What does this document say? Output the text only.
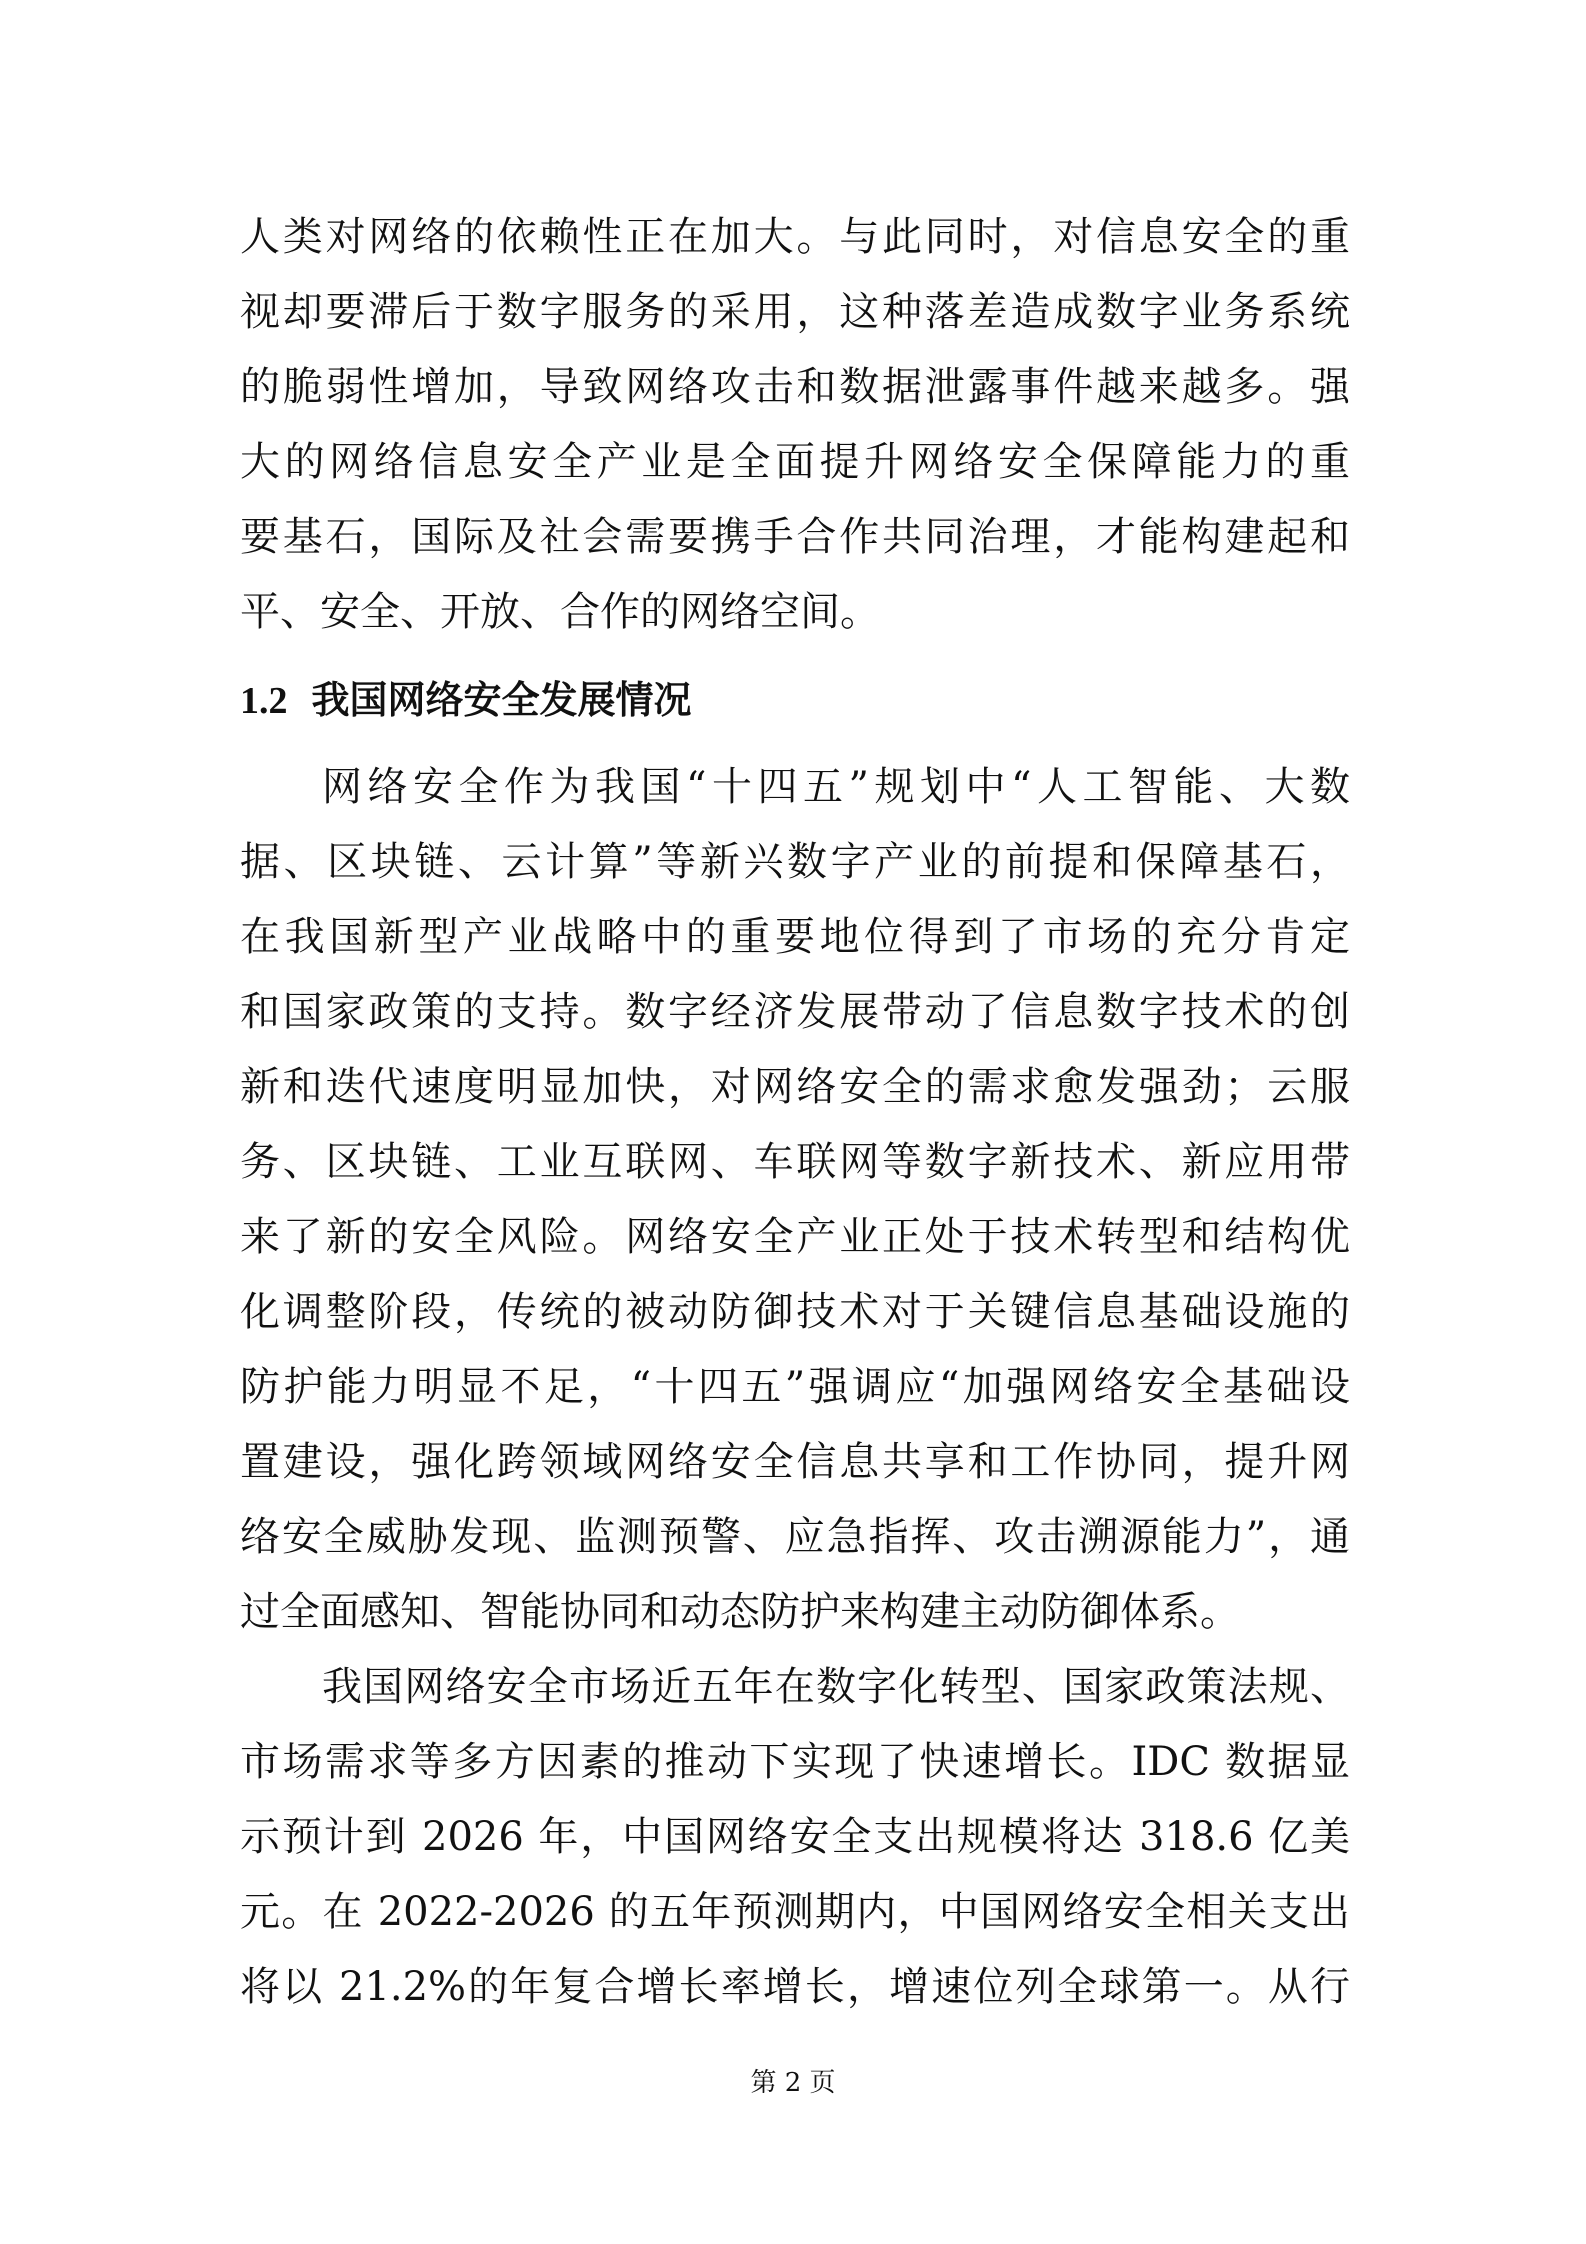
人类对网络的依赖性正在加大。与此同时，对信息安全的重
视却要滞后于数字服务的采用，这种落差造成数字业务系统
的脆弱性增加，导致网络攻击和数据泄露事件越来越多。强
大的网络信息安全产业是全面提升网络安全保障能力的重
要基石，国际及社会需要携手合作共同治理，才能构建起和
平、安全、开放、合作的网络空间。
1.2 我国网络安全发展情况
网络安全作为我国“十四五”规划中“人工智能、大数
据、区块链、云计算”等新兴数字产业的前提和保障基石，
在我国新型产业战略中的重要地位得到了市场的充分肯定
和国家政策的支持。数字经济发展带动了信息数字技术的创
新和迭代速度明显加快，对网络安全的需求愈发强劲；云服
务、区块链、工业互联网、车联网等数字新技术、新应用带
来了新的安全风险。网络安全产业正处于技术转型和结构优
化调整阶段，传统的被动防御技术对于关键信息基础设施的
防护能力明显不足，“十四五”强调应“加强网络安全基础设
置建设，强化跨领域网络安全信息共享和工作协同，提升网
络安全威胁发现、监测预警、应急指挥、攻击溯源能力”，通
过全面感知、智能协同和动态防护来构建主动防御体系。
我国网络安全市场近五年在数字化转型、国家政策法规、
市场需求等多方因素的推动下实现了快速增长。IDC 数据显
示预计到 2026 年，中国网络安全支出规模将达 318.6 亿美
元。在 2022-2026 的五年预测期内，中国网络安全相关支出
将以 21.2%的年复合增长率增长，增速位列全球第一。从行
第 2 页
